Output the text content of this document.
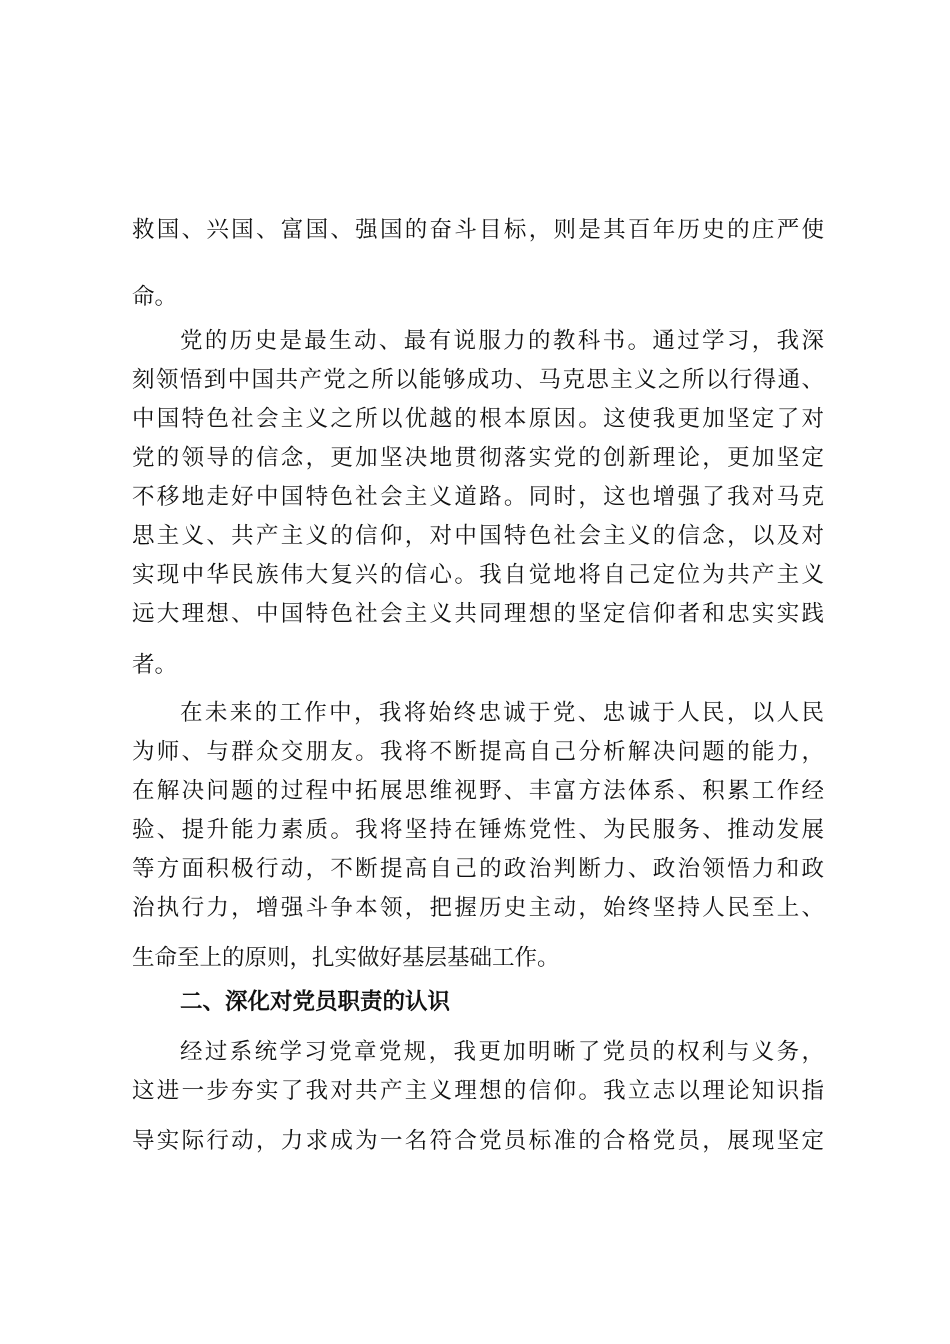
救国、兴国、富国、强国的奋斗目标，则是其百年历史的庄严使

命。

党的历史是最生动、最有说服力的教科书。通过学习，我深

刻领悟到中国共产党之所以能够成功、马克思主义之所以行得通、

中国特色社会主义之所以优越的根本原因。这使我更加坚定了对

党的领导的信念，更加坚决地贯彻落实党的创新理论，更加坚定

不移地走好中国特色社会主义道路。同时，这也增强了我对马克

思主义、共产主义的信仰，对中国特色社会主义的信念，以及对

实现中华民族伟大复兴的信心。我自觉地将自己定位为共产主义

远大理想、中国特色社会主义共同理想的坚定信仰者和忠实实践

者。

在未来的工作中，我将始终忠诚于党、忠诚于人民，以人民

为师、与群众交朋友。我将不断提高自己分析解决问题的能力，

在解决问题的过程中拓展思维视野、丰富方法体系、积累工作经

验、提升能力素质。我将坚持在锤炼党性、为民服务、推动发展

等方面积极行动，不断提高自己的政治判断力、政治领悟力和政

治执行力，增强斗争本领，把握历史主动，始终坚持人民至上、

生命至上的原则，扎实做好基层基础工作。

二、深化对党员职责的认识

经过系统学习党章党规，我更加明晰了党员的权利与义务，

这进一步夯实了我对共产主义理想的信仰。我立志以理论知识指

导实际行动，力求成为一名符合党员标准的合格党员，展现坚定
